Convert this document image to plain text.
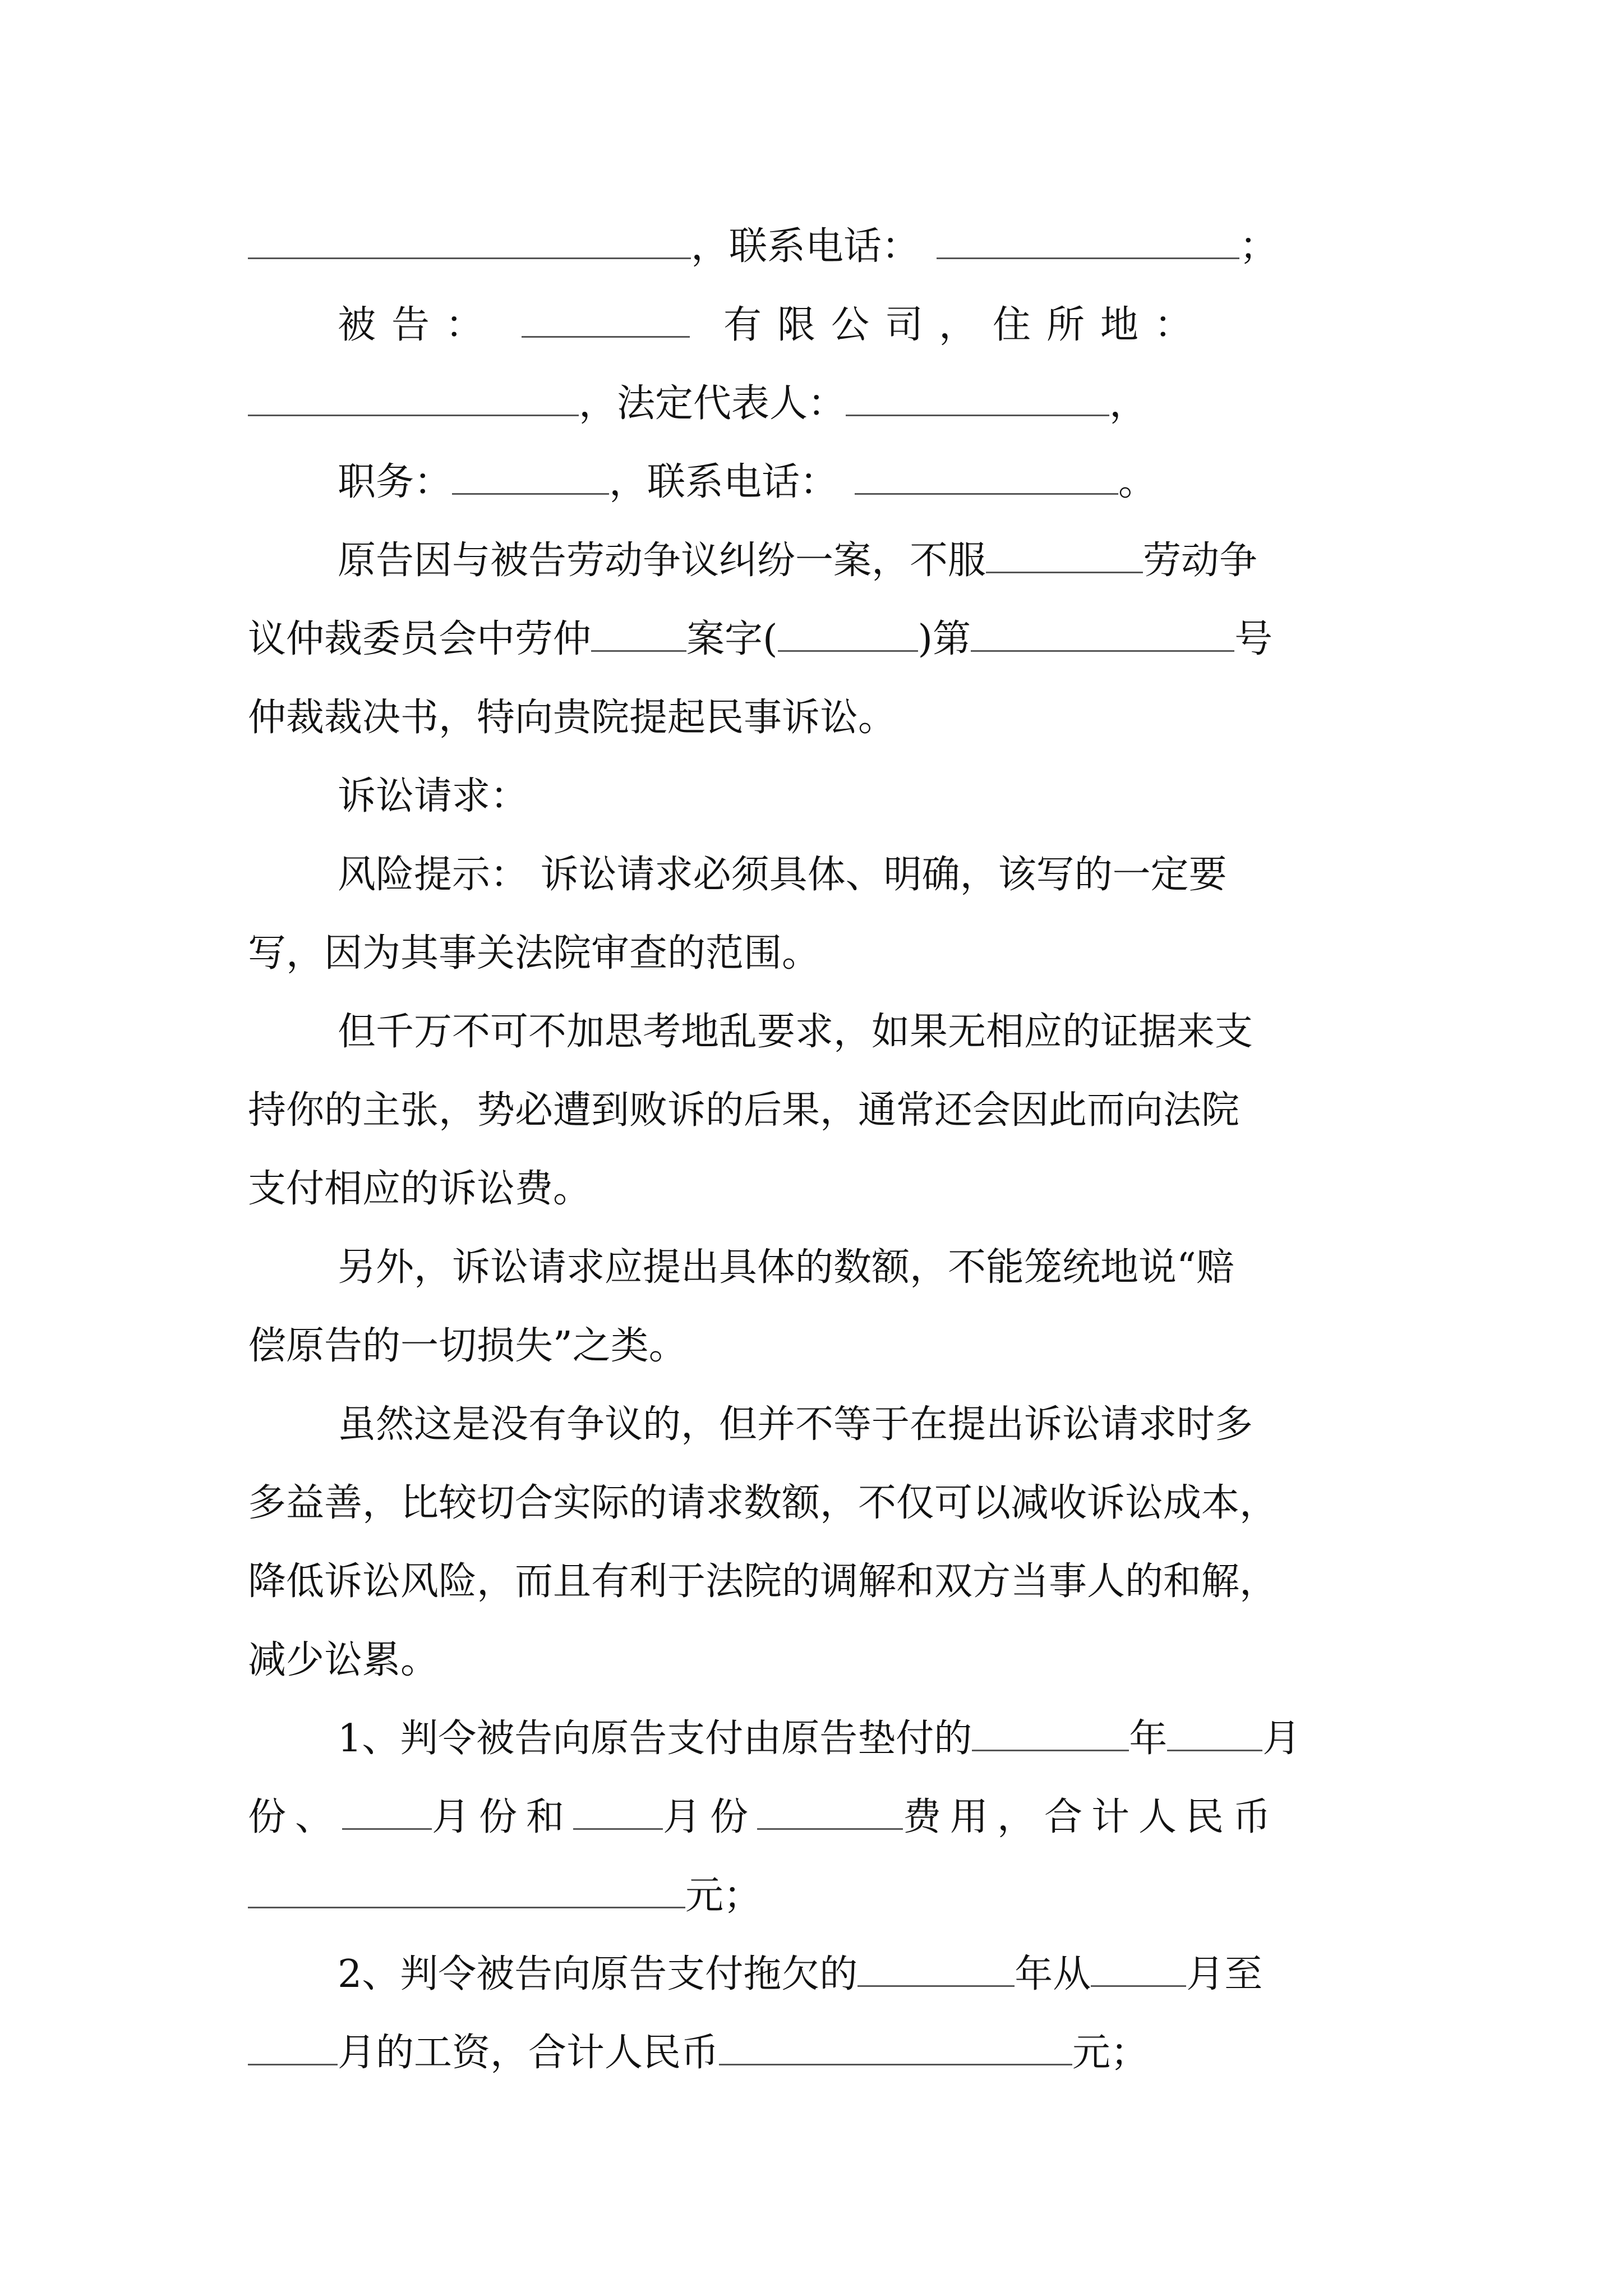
，联系电话：	；
被告：	有限公司，住所地：
，法定代表人：	，
职务：	，联系电话：	。
原告因与被告劳动争议纠纷一案，不服	劳动争
议仲裁委员会中劳仲	案字(	)第	号
仲裁裁决书，特向贵院提起民事诉讼。
诉讼请求：
风险提示： 诉讼请求必须具体、明确，该写的一定要
写，因为其事关法院审查的范围。
但千万不可不加思考地乱要求，如果无相应的证据来支
持你的主张，势必遭到败诉的后果，通常还会因此而向法院
支付相应的诉讼费。
另外，诉讼请求应提出具体的数额，不能笼统地说“赔
偿原告的一切损失”之类。
虽然这是没有争议的，但并不等于在提出诉讼请求时多
多益善，比较切合实际的请求数额，不仅可以减收诉讼成本，
降低诉讼风险，而且有利于法院的调解和双方当事人的和解，
减少讼累。
1、判令被告向原告支付由原告垫付的	年	月
份、 月份和 月份	费用，合计人民币
元；
2、判令被告向原告支付拖欠的	年从	月至
月的工资，合计人民币	元；
